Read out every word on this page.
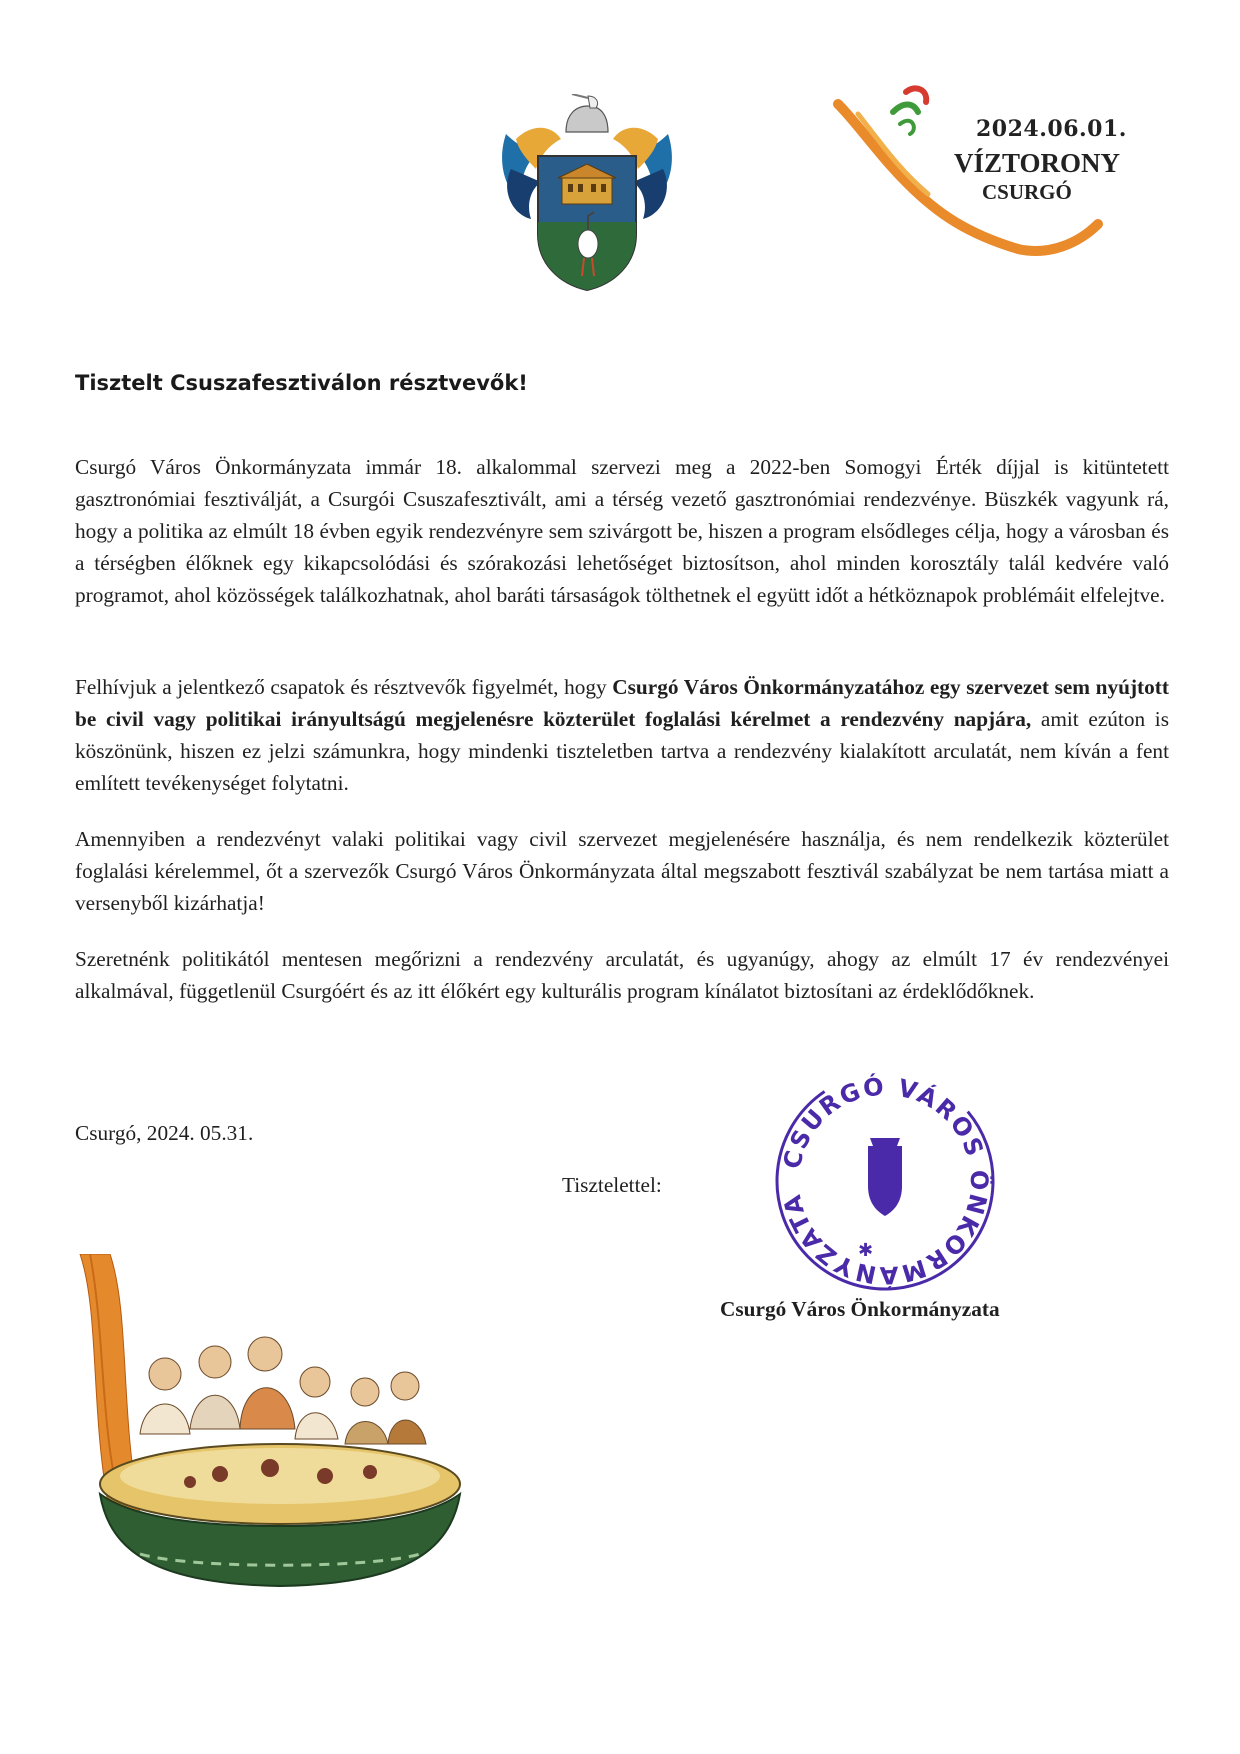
2024.06.01.
VÍZTORONY
CSURGÓ
Tisztelt Csuszafesztiválon résztvevők!

Csurgó Város Önkormányzata immár 18. alkalommal szervezi meg a 2022-ben Somogyi Érték díjjal is kitüntetett gasztronómiai fesztiválját, a Csurgói Csuszafesztivált, ami a térség vezető gasztronómiai rendezvénye. Büszkék vagyunk rá, hogy a politika az elmúlt 18 évben egyik rendezvényre sem szivárgott be, hiszen a program elsődleges célja, hogy a városban és a térségben élőknek egy kikapcsolódási és szórakozási lehetőséget biztosítson, ahol minden korosztály talál kedvére való programot, ahol közösségek találkozhatnak, ahol baráti társaságok tölthetnek el együtt időt a hétköznapok problémáit elfelejtve.

Felhívjuk a jelentkező csapatok és résztvevők figyelmét, hogy Csurgó Város Önkormányzatához egy szervezet sem nyújtott be civil vagy politikai irányultságú megjelenésre közterület foglalási kérelmet a rendezvény napjára, amit ezúton is köszönünk, hiszen ez jelzi számunkra, hogy mindenki tiszteletben tartva a rendezvény kialakított arculatát, nem kíván a fent említett tevékenységet folytatni.

Amennyiben a rendezvényt valaki politikai vagy civil szervezet megjelenésére használja, és nem rendelkezik közterület foglalási kérelemmel, őt a szervezők Csurgó Város Önkormányzata által megszabott fesztivál szabályzat be nem tartása miatt a versenyből kizárhatja!

Szeretnénk politikától mentesen megőrizni a rendezvény arculatát, és ugyanúgy, ahogy az elmúlt 17 év rendezvényei alkalmával, függetlenül Csurgóért és az itt élőkért egy kulturális program kínálatot biztosítani az érdeklődőknek.

Csurgó, 2024. 05.31.
Tisztelettel:
CSURGÓ VÁROS ÖNKORMÁNYZATA
✱
Csurgó Város Önkormányzata
